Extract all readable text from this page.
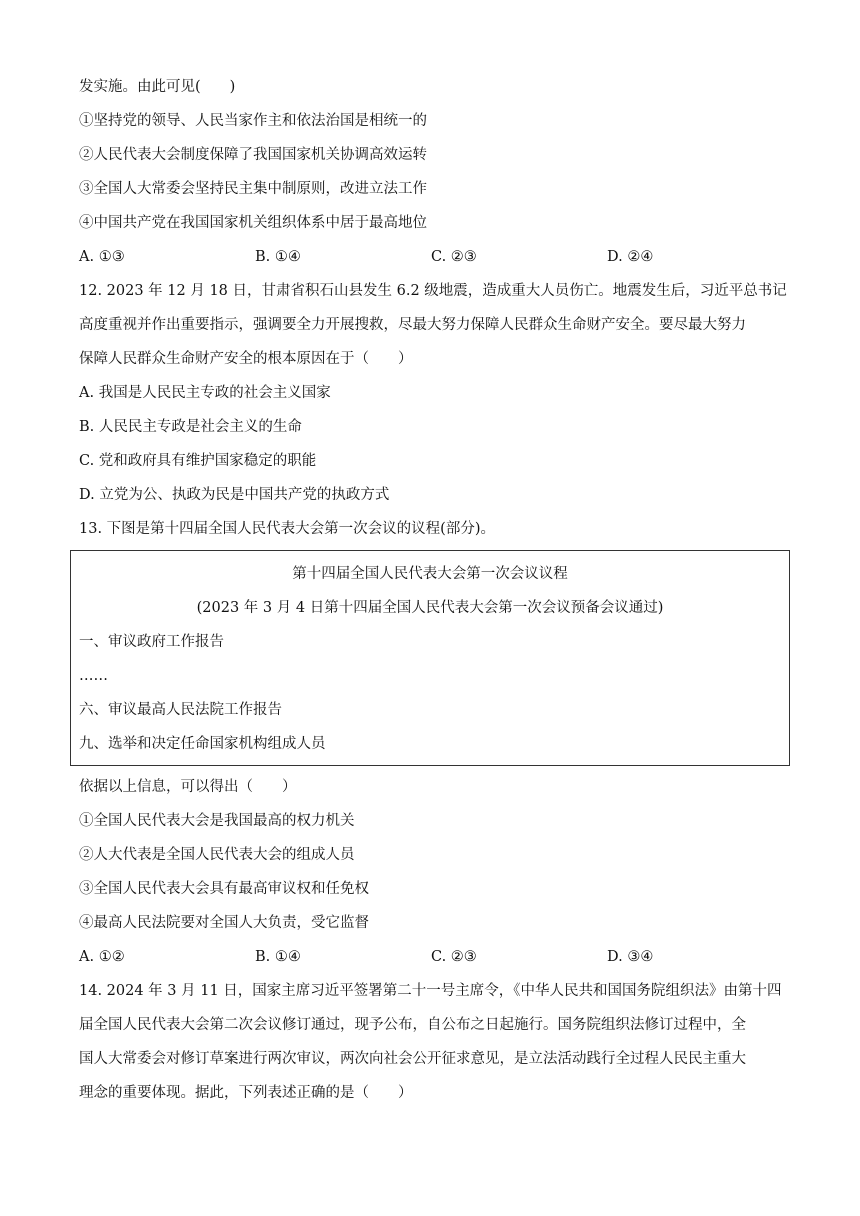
发实施。由此可见(　　)
①坚持党的领导、人民当家作主和依法治国是相统一的
②人民代表大会制度保障了我国国家机关协调高效运转
③全国人大常委会坚持民主集中制原则，改进立法工作
④中国共产党在我国国家机关组织体系中居于最高地位
A. ①③	B. ①④	C. ②③	D. ②④
12. 2023 年 12 月 18 日，甘肃省积石山县发生 6.2 级地震，造成重大人员伤亡。地震发生后，习近平总书记
高度重视并作出重要指示，强调要全力开展搜救，尽最大努力保障人民群众生命财产安全。要尽最大努力
保障人民群众生命财产安全的根本原因在于（　　）
A. 我国是人民民主专政的社会主义国家
B. 人民民主专政是社会主义的生命
C. 党和政府具有维护国家稳定的职能
D. 立党为公、执政为民是中国共产党的执政方式
13. 下图是第十四届全国人民代表大会第一次会议的议程(部分)。
第十四届全国人民代表大会第一次会议议程
(2023 年 3 月 4 日第十四届全国人民代表大会第一次会议预备会议通过)
一、审议政府工作报告
……
六、审议最高人民法院工作报告
九、选举和决定任命国家机构组成人员
依据以上信息，可以得出（　　）
①全国人民代表大会是我国最高的权力机关
②人大代表是全国人民代表大会的组成人员
③全国人民代表大会具有最高审议权和任免权
④最高人民法院要对全国人大负责，受它监督
A. ①②	B. ①④	C. ②③	D. ③④
14. 2024 年 3 月 11 日，国家主席习近平签署第二十一号主席令，《中华人民共和国国务院组织法》由第十四
届全国人民代表大会第二次会议修订通过，现予公布，自公布之日起施行。国务院组织法修订过程中，全
国人大常委会对修订草案进行两次审议，两次向社会公开征求意见，是立法活动践行全过程人民民主重大
理念的重要体现。据此，下列表述正确的是（　　）
